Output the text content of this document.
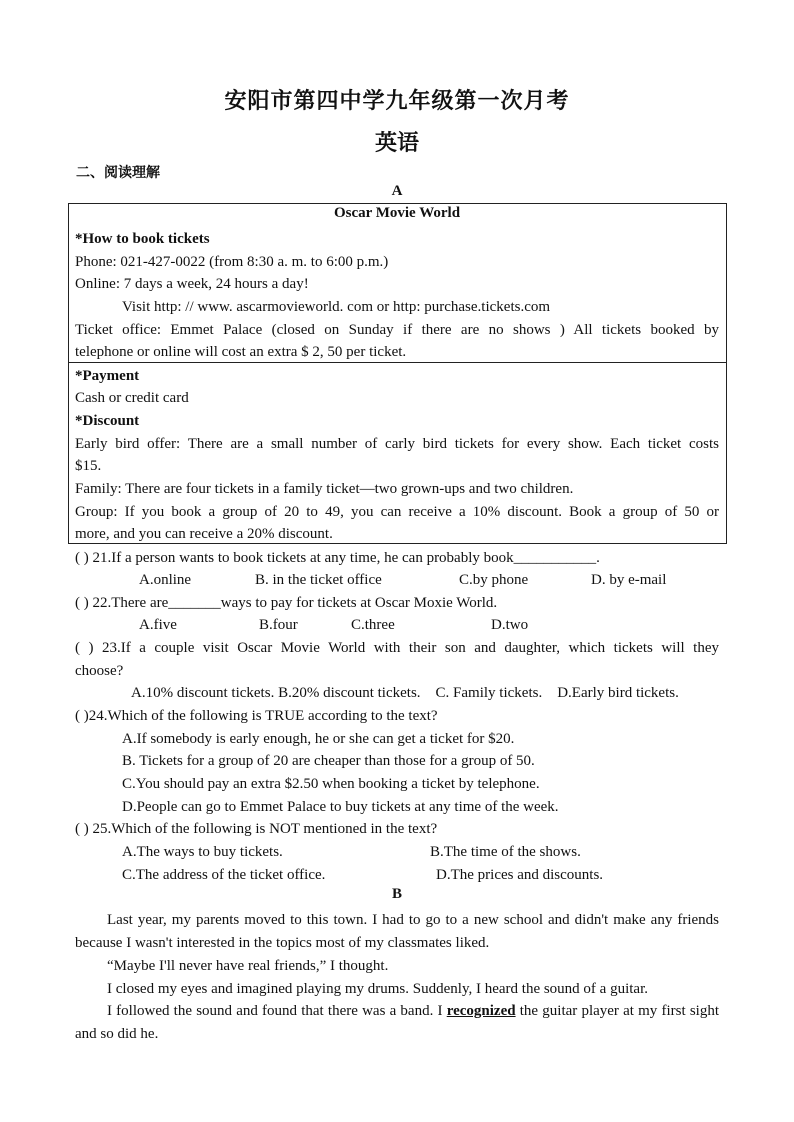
安阳市第四中学九年级第一次月考
英语
二、阅读理解
A
Oscar Movie World
*How to book tickets
Phone: 021-427-0022 (from 8:30 a. m. to 6:00 p.m.)
Online: 7 days a week, 24 hours a day!
Visit http: // www. ascarmovieworld. com or http: purchase.tickets.com
Ticket office: Emmet Palace (closed on Sunday if there are no shows ) All tickets booked by
telephone or online will cost an extra $ 2, 50 per ticket.
*Payment
Cash or credit card
*Discount
Early bird offer: There are a small number of carly bird tickets for every show. Each ticket costs
$15.
Family: There are four tickets in a family ticket—two grown-ups and two children.
Group: If you book a group of 20 to 49, you can receive a 10% discount. Book a group of 50 or
more, and you can receive a 20% discount.
( ) 21.If a person wants to book tickets at any time, he can probably book___________.
A.online	B. in the ticket office	C.by phone	D. by e-mail
( ) 22.There are_______ways to pay for tickets at Oscar Moxie World.
A.five	B.four	C.three	D.two
( ) 23.If a couple visit Oscar Movie World with their son and daughter, which tickets will they
choose?
A.10% discount tickets. B.20% discount tickets.    C. Family tickets.    D.Early bird tickets.
( )24.Which of the following is TRUE according to the text?
A.If somebody is early enough, he or she can get a ticket for $20.
B. Tickets for a group of 20 are cheaper than those for a group of 50.
C.You should pay an extra $2.50 when booking a ticket by telephone.
D.People can go to Emmet Palace to buy tickets at any time of the week.
( ) 25.Which of the following is NOT mentioned in the text?
A.The ways to buy tickets.	B.The time of the shows.
C.The address of the ticket office.	D.The prices and discounts.
B
Last year, my parents moved to this town. I had to go to a new school and didn't make any friends because I wasn't interested in the topics most of my classmates liked.
“Maybe I'll never have real friends,” I thought.
I closed my eyes and imagined playing my drums. Suddenly, I heard the sound of a guitar.
I followed the sound and found that there was a band. I recognized the guitar player at my first sight and so did he.
